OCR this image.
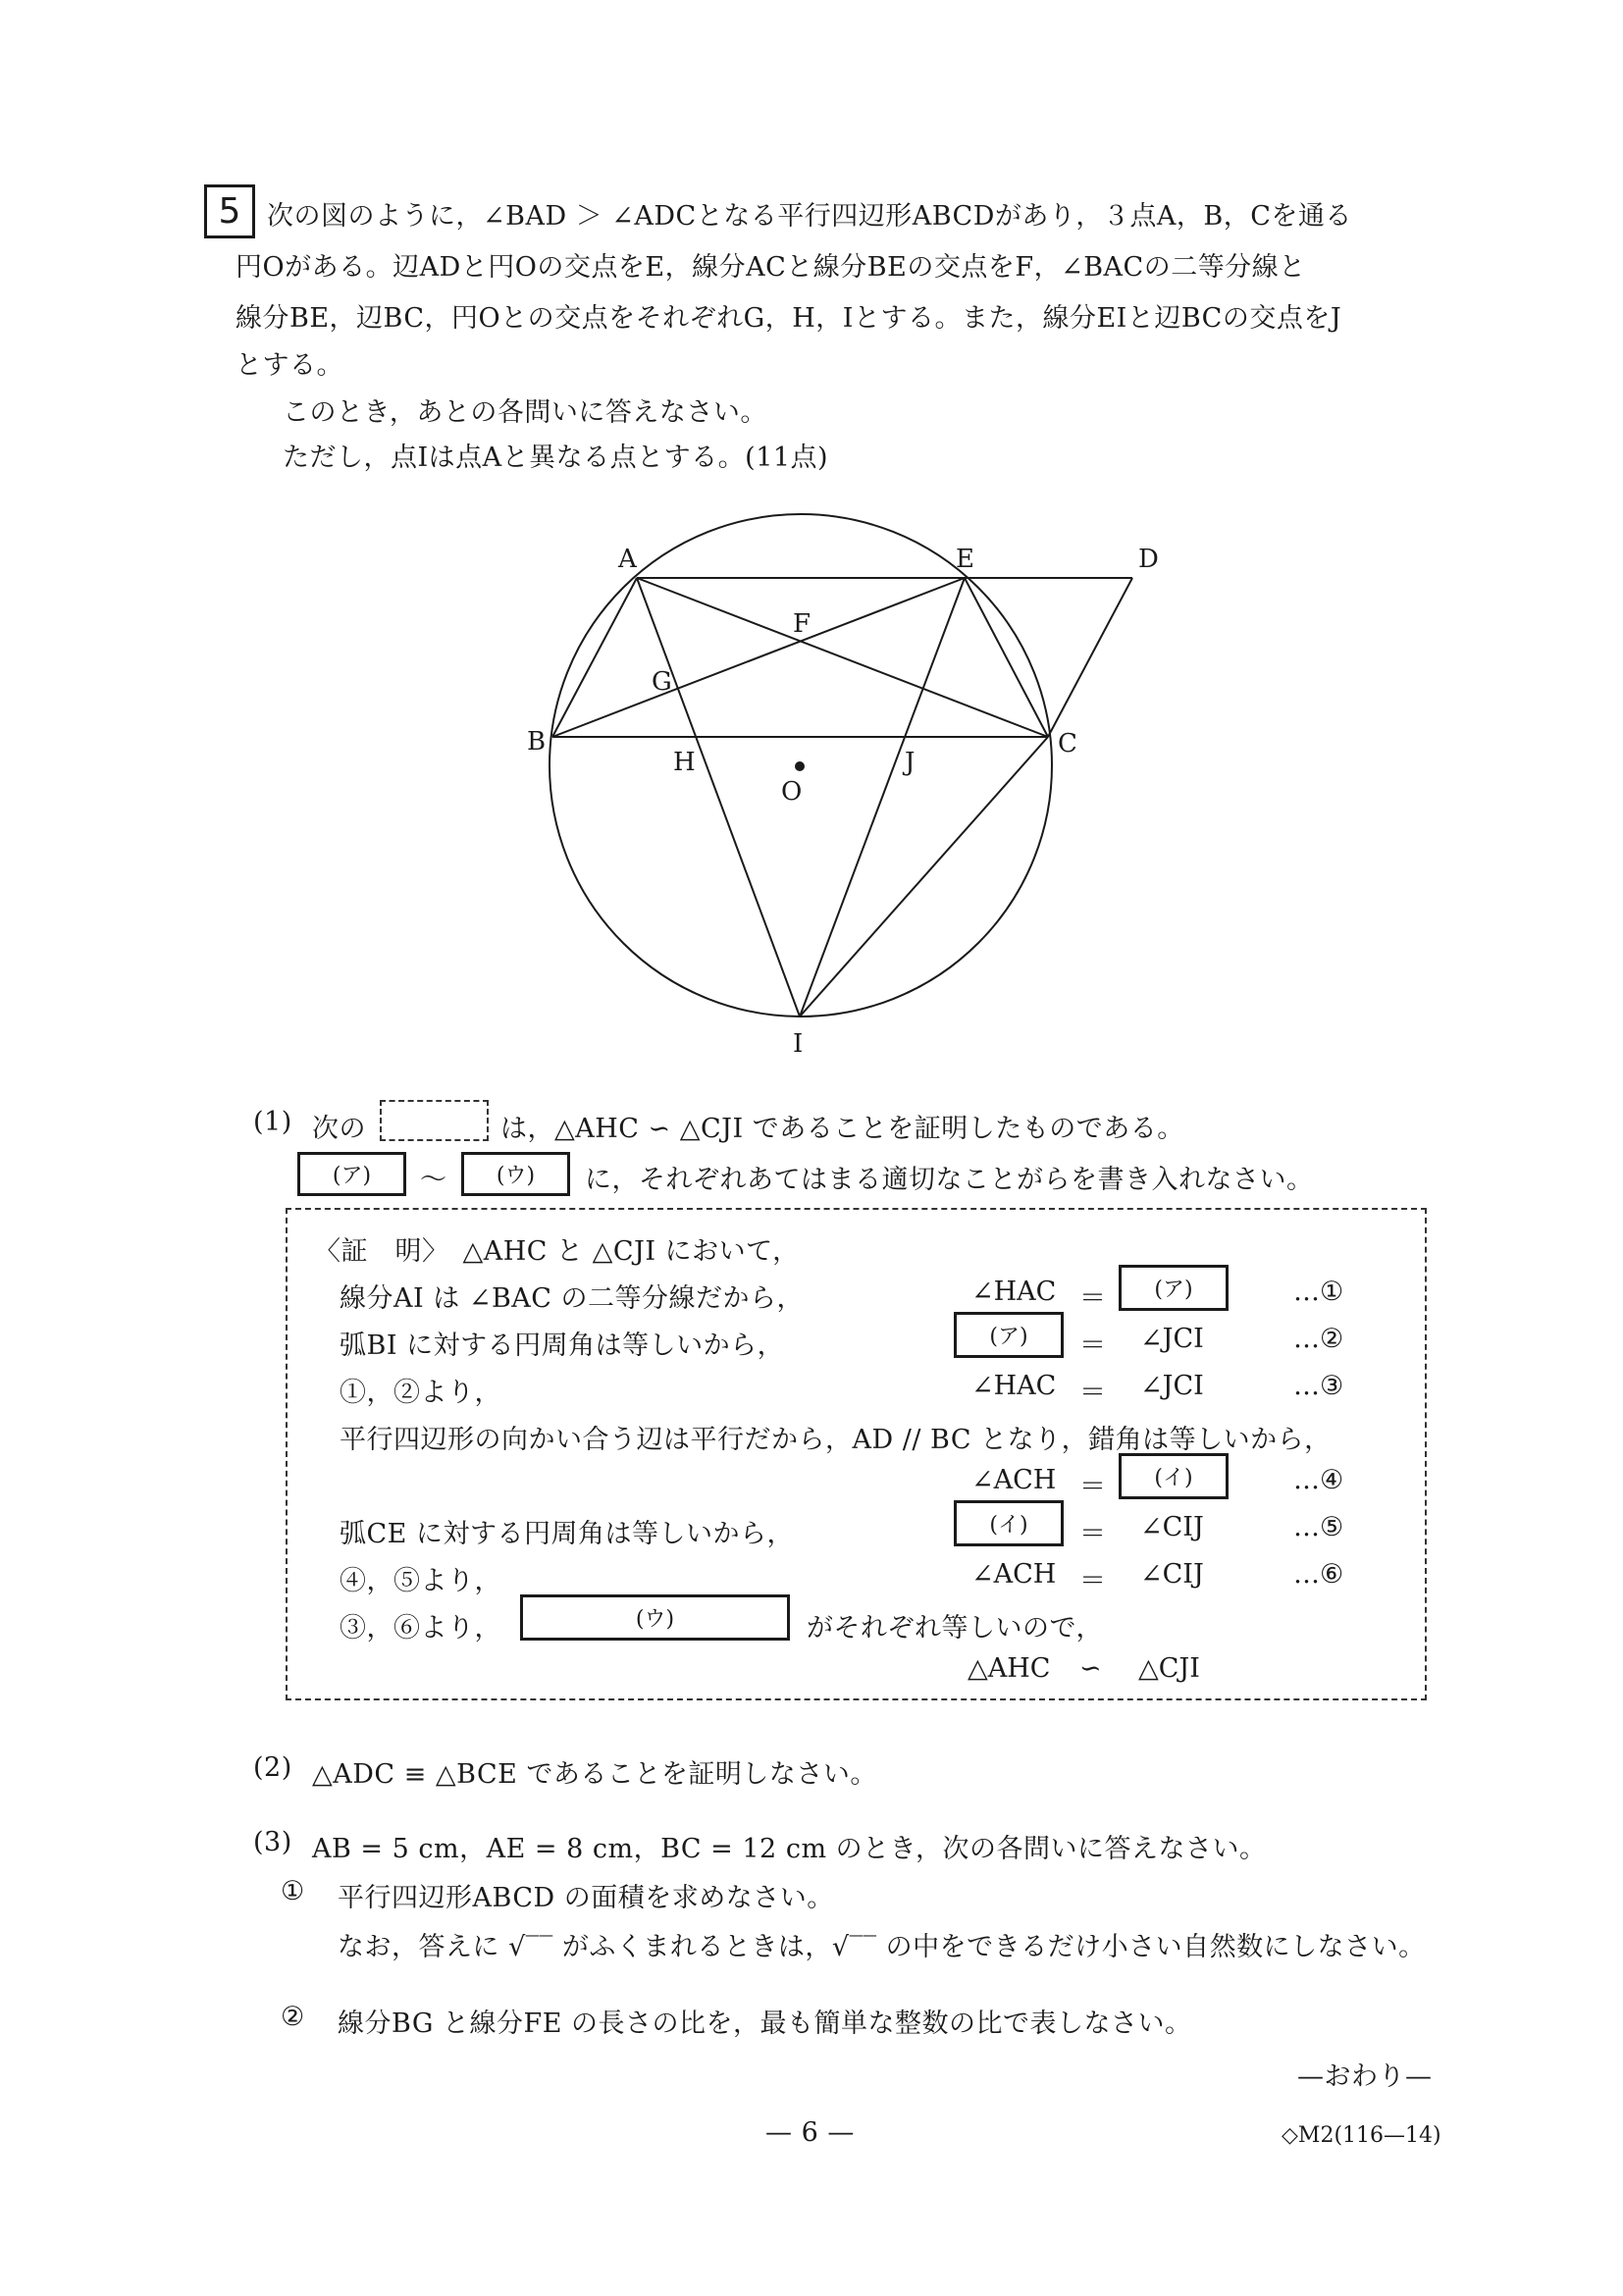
5 次の図のように，∠BAD ＞ ∠ADCとなる平行四辺形ABCDがあり，３点A，B，Cを通る
円Oがある。辺ADと円Oの交点をE，線分ACと線分BEの交点をF，∠BACの二等分線と
線分BE，辺BC，円Oとの交点をそれぞれG，H，Iとする。また，線分EIと辺BCの交点をJ
とする。
このとき，あとの各問いに答えなさい。
ただし，点Iは点Aと異なる点とする。(11点)
A	E	D
B	C
F
G
H	J
O
I
(1) 次の	は，△AHC ∽ △CJI であることを証明したものである。
(ア) ～ (ウ) に，それぞれあてはまる適切なことがらを書き入れなさい。
〈証　明〉　△AHC と △CJI において，
線分AI は ∠BAC の二等分線だから，	∠HAC ＝ (ア)	…①
弧BI に対する円周角は等しいから，	(ア) ＝ ∠JCI	…②
①，②より，	∠HAC ＝ ∠JCI	…③
平行四辺形の向かい合う辺は平行だから，AD // BC となり，錯角は等しいから，
∠ACH ＝ (イ)	…④
弧CE に対する円周角は等しいから，	(イ) ＝ ∠CIJ	…⑤
④，⑤より，	∠ACH ＝ ∠CIJ	…⑥
③，⑥より，	(ウ)	がそれぞれ等しいので，
△AHC ∽ △CJI
(2) △ADC ≡ △BCE であることを証明しなさい。
(3) AB = 5 cm，AE = 8 cm，BC = 12 cm のとき，次の各問いに答えなさい。
① 平行四辺形ABCD の面積を求めなさい。
なお，答えに √‾‾ がふくまれるときは，√‾‾ の中をできるだけ小さい自然数にしなさい。
② 線分BG と線分FE の長さの比を，最も簡単な整数の比で表しなさい。
—おわり—
— 6 —	◇M2(116—14)
